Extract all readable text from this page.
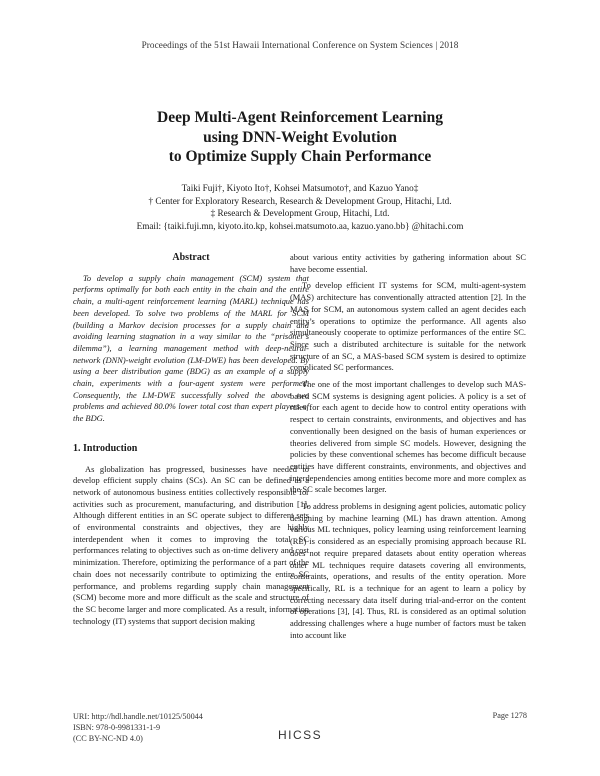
Proceedings of the 51st Hawaii International Conference on System Sciences | 2018
Deep Multi-Agent Reinforcement Learning
using DNN-Weight Evolution
to Optimize Supply Chain Performance
Taiki Fuji†, Kiyoto Ito†, Kohsei Matsumoto†, and Kazuo Yano‡
† Center for Exploratory Research, Research & Development Group, Hitachi, Ltd.
‡ Research & Development Group, Hitachi, Ltd.
Email: {taiki.fuji.mn, kiyoto.ito.kp, kohsei.matsumoto.aa, kazuo.yano.bb} @hitachi.com
Abstract

To develop a supply chain management (SCM) system that performs optimally for both each entity in the chain and the entire chain, a multi-agent reinforcement learning (MARL) technique has been developed. To solve two problems of the MARL for SCM (building a Markov decision processes for a supply chain and avoiding learning stagnation in a way similar to the “prisoner’s dilemma”), a learning management method with deep-neural-network (DNN)-weight evolution (LM-DWE) has been developed. By using a beer distribution game (BDG) as an example of a supply chain, experiments with a four-agent system were performed. Consequently, the LM-DWE successfully solved the above two problems and achieved 80.0% lower total cost than expert players of the BDG.

1. Introduction

As globalization has progressed, businesses have needed to develop efficient supply chains (SCs). An SC can be defined as a network of autonomous business entities collectively responsible for activities such as procurement, manufacturing, and distribution [1]. Although different entities in an SC operate subject to different sets of environmental constraints and objectives, they are highly interdependent when it comes to improving the total SC performances relating to objectives such as on-time delivery and cost minimization. Therefore, optimizing the performance of a part of the chain does not necessarily contribute to optimizing the entire SC performance, and problems regarding supply chain management (SCM) become more and more difficult as the scale and structure of the SC become larger and more complicated. As a result, information technology (IT) systems that support decision making

about various entity activities by gathering information about SC have become essential.

To develop efficient IT systems for SCM, multi-agent-system (MAS) architecture has conventionally attracted attention [2]. In the MAS for SCM, an autonomous system called an agent decides each entity’s operations to optimize the performance. All agents also simultaneously cooperate to optimize performances of the entire SC. Since such a distributed architecture is suitable for the network structure of an SC, a MAS-based SCM system is desired to optimize complicated SC performances.

The one of the most important challenges to develop such MAS-based SCM systems is designing agent policies. A policy is a set of rules for each agent to decide how to control entity operations with respect to certain constraints, environments, and objectives and has conventionally been designed on the basis of human experiences or theories delivered from simple SC models. However, designing the policies by these conventional schemes has become difficult because entities have different constraints, environments, and objectives and interdependencies among entities become more and more complex as the SC scale becomes larger.

To address problems in designing agent policies, automatic policy designing by machine learning (ML) has drawn attention. Among various ML techniques, policy learning using reinforcement learning (RL) is considered as an especially promising approach because RL does not require prepared datasets about entity operation whereas other ML techniques require datasets covering all environments, constraints, operations, and results of the entity operation. More specifically, RL is a technique for an agent to learn a policy by correcting necessary data itself during trial-and-error on the content of operations [3], [4]. Thus, RL is considered as an optimal solution addressing challenges where a huge number of factors must be taken into account like

URI: http://hdl.handle.net/10125/50044
ISBN: 978-0-9981331-1-9
(CC BY-NC-ND 4.0)
Page 1278
HICSS
